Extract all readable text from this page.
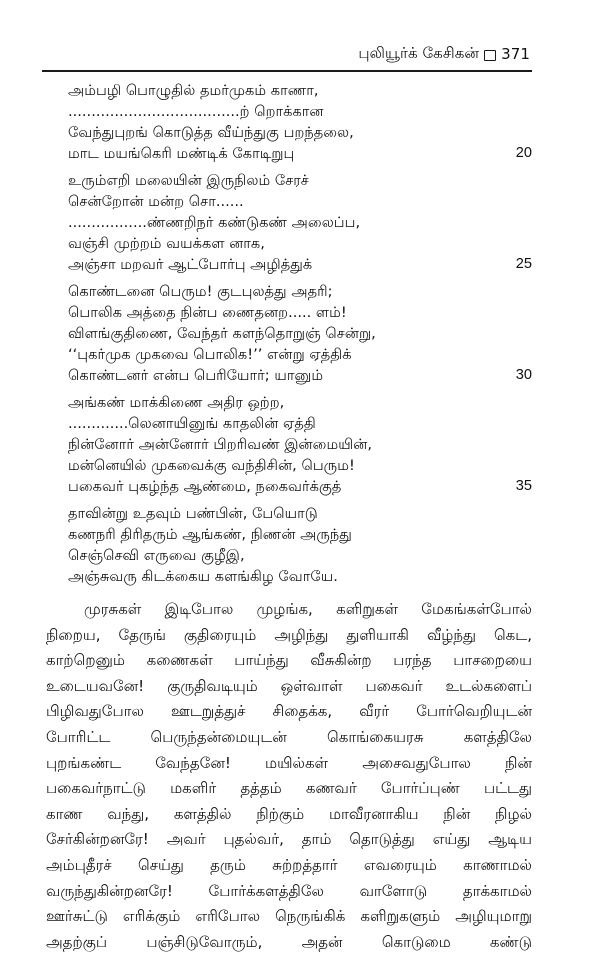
புலியூர்க் கேசிகன் 371
அம்பழி பொழுதில் தமர்முகம் காணா,
.....................................ற் றொக்கான
வேந்துபுறங் கொடுத்த வீய்ந்துகு பறந்தலை,
மாட மயங்கெரி மண்டிக் கோடிறுபு	20
உரும்எறி மலையின் இருநிலம் சேரச்
சென்றோன் மன்ற சொ......
.................ண்ணறிநர் கண்டுகண் அலைப்ப,
வஞ்சி முற்றம் வயக்கள னாக,
அஞ்சா மறவர் ஆட்போர்பு அழித்துக்	25
கொண்டனை பெரும! குடபுலத்து அதரி;
பொலிக அத்தை நின்ப ணைதனற..... ளம்!
விளங்குதிணை, வேந்தர் களந்தொறுஞ் சென்று,
‘‘புகர்முக முகவை பொலிக!’’ என்று ஏத்திக்
கொண்டனர் என்ப பெரியோர்; யானும்	30
அங்கண் மாக்கிணை அதிர ஒற்ற,
.............லெனாயினுங் காதலின் ஏத்தி
நின்னோர் அன்னோர் பிறரிவண் இன்மையின்,
மன்னெயில் முகவைக்கு வந்திசின், பெரும!
பகைவர் புகழ்ந்த ஆண்மை, நகைவர்க்குத்	35
தாவின்று உதவும் பண்பின், பேயொடு
கணநரி திரிதரும் ஆங்கண், நிணன் அருந்து
செஞ்செவி எருவை குழீஇ,
அஞ்சுவரு கிடக்கைய களங்கிழ வோயே.
முரசுகள் இடிபோல முழங்க, களிறுகள் மேகங்கள்போல்
நிறைய, தேருங் குதிரையும் அழிந்து துளியாகி வீழ்ந்து கெட,
காற்றெனும் கணைகள் பாய்ந்து வீசுகின்ற பரந்த பாசறையை
உடையவனே! குருதிவடியும் ஒள்வாள் பகைவர் உடல்களைப்
பிழிவதுபோல ஊடறுத்துச் சிதைக்க, வீரர் போர்வெறியுடன்
போரிட்ட பெருந்தன்மையுடன் கொங்கையரசு களத்திலே
புறங்கண்ட வேந்தனே! மயில்கள் அசைவதுபோல நின்
பகைவர்நாட்டு மகளிர் தத்தம் கணவர் போர்ப்புண் பட்டது
காண வந்து, களத்தில் நிற்கும் மாவீரனாகிய நின் நிழல்
சேர்கின்றனரே! அவர் புதல்வர், தாம் தொடுத்து எய்து ஆடிய
அம்புதீரச் செய்து தரும் சுற்றத்தார் எவரையும் காணாமல்
வருந்துகின்றனரே! போர்க்களத்திலே வாளோடு தாக்காமல்
ஊர்சுட்டு எரிக்கும் எரிபோல நெருங்கிக் களிறுகளும் அழியுமாறு
அதற்குப் பஞ்சிடுவோரும், அதன் கொடுமை கண்டு
